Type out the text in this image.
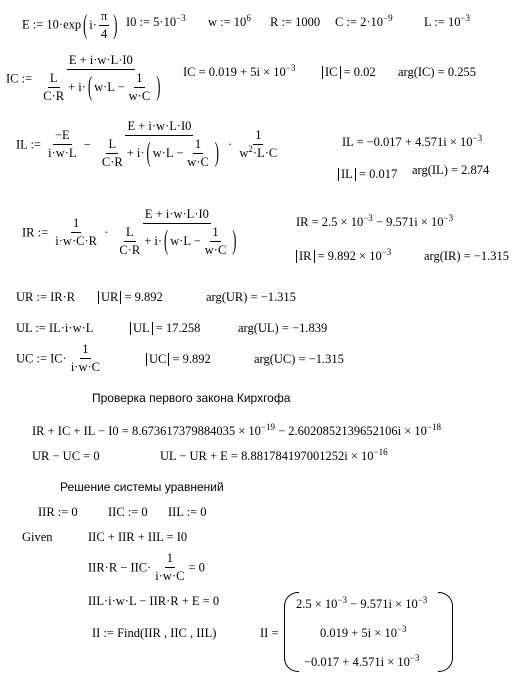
E := 10·exp ( $i\cdot \frac{\pi}{4}$ ) I0 := 5·10
~~~~~~~~
$^{-3}$ w := $10^6$ R := 1000
~~~~~~~~ C := 2·10
~~~~~~~~
$^{-9}$	L := 10
~~~~~~~~
$^{-3}$
IC := $\frac{E + i\cdot w\cdot L\cdot I0}{\frac{L}{C\cdot R} + i\cdot ( w\cdot L - \frac{1}{w\cdot C} )}$ IC = $0.019 + 5i \times 10^{-3}$ IC = 0.02 arg(IC) = 0.255
IL := $\frac{-E}{i\cdot w\cdot L} - \frac{E + i\cdot w\cdot L\cdot I0}{\frac{L}{C\cdot R} + i\cdot ( w\cdot L - \frac{1}{w\cdot C} )} \cdot \frac{1}{w^2\cdot L\cdot C}$	IL = $-0.017 + 4.571i \times 10^{-3}$
IL = 0.017 arg(IL) = 2.874
IR := $\frac{1}{i\cdot w\cdot C\cdot R} \cdot \frac{E + i\cdot w\cdot L\cdot I0}{\frac{L}{C\cdot R} + i\cdot ( w\cdot L - \frac{1}{w\cdot C} )}$	IR = $2.5 \times 10^{-3} - 9.571i \times 10^{-3}$
IR = $9.892 \times 10^{-3}$	arg(IR) = −1.315
UR := IR·R UR = 9.892	arg(UR) = −1.315
UL := IL·i·w·L	UL = 17.258	arg(UL) = −1.839
UC := $IC\cdot \frac{1}{i\cdot w\cdot C}$	UC = 9.892	arg(UC) = −1.315
Проверка первого закона Кирхгофа
IR + IC + IL − $I0 = 8.673617379884035 \times 10^{-19} - 2.6020852139652106i \times 10^{-18}$
UR − UC = 0	UL − UR + $E = 8.881784197001252i \times 10^{-16}$
Решение системы уравнений
IIR := 0 IIC := 0 IIL := 0
Given	IIC + IIR + IIL = I0
$IIR\cdot R - IIC\cdot \frac{1}{i\cdot w\cdot C} = 0$
IIL·i·w·L − IIR·R + E = 0
II := Find(IIR , IIC , IIL)	II =
$2.5 \times 10^{-3} - 9.571i \times 10^{-3}$
$0.019 + 5i \times 10^{-3}$
$-0.017 + 4.571i \times 10^{-3}$
